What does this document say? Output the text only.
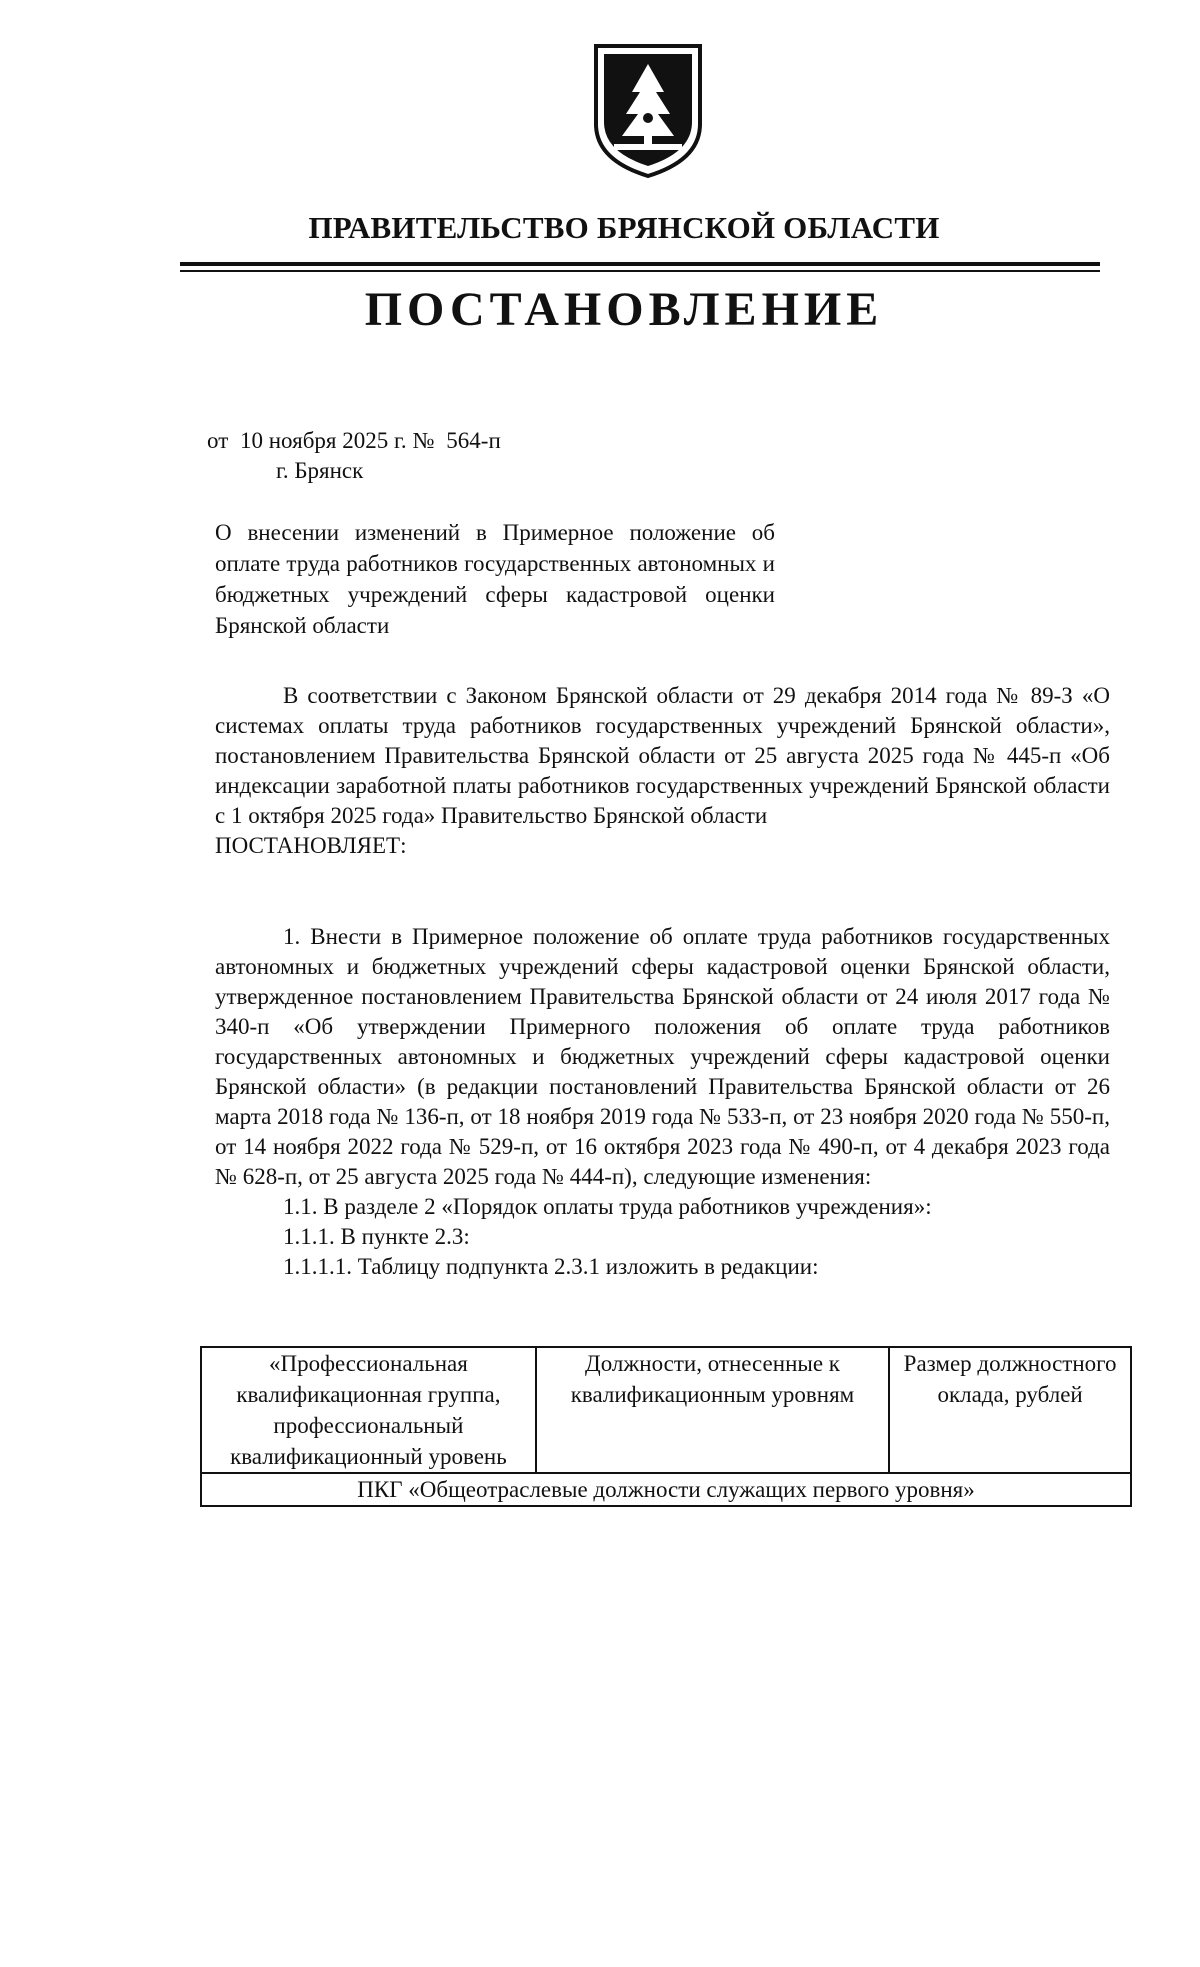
ПРАВИТЕЛЬСТВО БРЯНСКОЙ ОБЛАСТИ
ПОСТАНОВЛЕНИЕ
от 10 ноября 2025 г. № 564-п
г. Брянск
О внесении изменений в Примерное положение об оплате труда работников государственных автономных и бюджетных учреждений сферы кадастровой оценки Брянской области

В соответствии с Законом Брянской области от 29 декабря 2014 года № 89-З «О системах оплаты труда работников государственных учреждений Брянской области», постановлением Правительства Брянской области от 25 августа 2025 года № 445-п «Об индексации заработной платы работников государственных учреждений Брянской области с 1 октября 2025 года» Правительство Брянской области

ПОСТАНОВЛЯЕТ:

1. Внести в Примерное положение об оплате труда работников государственных автономных и бюджетных учреждений сферы кадастровой оценки Брянской области, утвержденное постановлением Правительства Брянской области от 24 июля 2017 года № 340-п «Об утверждении Примерного положения об оплате труда работников государственных автономных и бюджетных учреждений сферы кадастровой оценки Брянской области» (в редакции постановлений Правительства Брянской области от 26 марта 2018 года № 136-п, от 18 ноября 2019 года № 533-п, от 23 ноября 2020 года № 550-п, от 14 ноября 2022 года № 529-п, от 16 октября 2023 года № 490-п, от 4 декабря 2023 года № 628-п, от 25 августа 2025 года № 444-п), следующие изменения:

1.1. В разделе 2 «Порядок оплаты труда работников учреждения»:

1.1.1. В пункте 2.3:

1.1.1.1. Таблицу подпункта 2.3.1 изложить в редакции:

«Профессиональная квалификационная группа, профессиональный квалификационный уровень	Должности, отнесенные к квалификационным уровням	Размер должностного оклада, рублей
ПКГ «Общеотраслевые должности служащих первого уровня»
